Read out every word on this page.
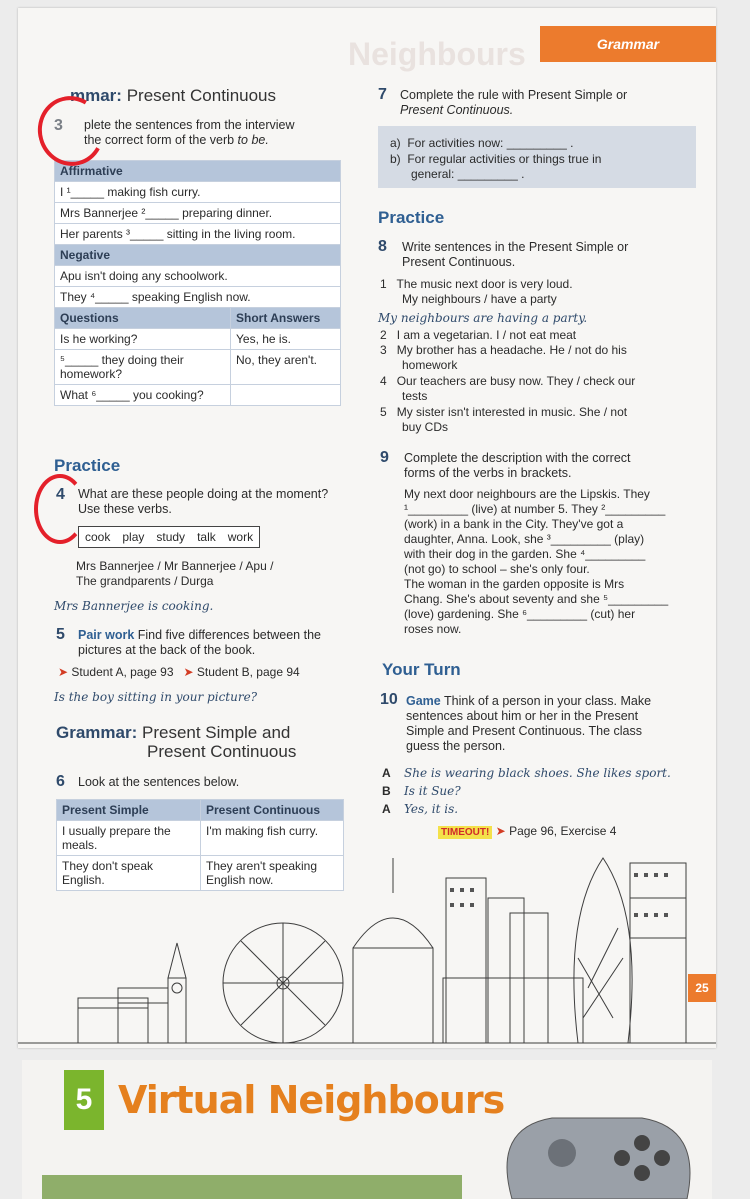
Neighbours	Grammar
mmar: Present Continuous
3 plete the sentences from the interview
the correct form of the verb to be.
Affirmative	
I ¹_____ making fish curry.	
Mrs Bannerjee ²_____ preparing dinner.	
Her parents ³_____ sitting in the living room.	
Negative	
Apu isn't doing any schoolwork.	
They ⁴_____ speaking English now.	
Questions	Short Answers
Is he working?	Yes, he is.
⁵_____ they doing their homework?	No, they aren't.
What ⁶_____ you cooking?	
Practice
4 What are these people doing at the moment?
Use these verbs.
cook play study talk work
Mrs Bannerjee / Mr Bannerjee / Apu /
The grandparents / Durga
Mrs Bannerjee is cooking.
5 Pair work Find five differences between the
pictures at the back of the book.
➤ Student A, page 93 ➤ Student B, page 94
Is the boy sitting in your picture?
Grammar: Present Simple and
Present Continuous
6 Look at the sentences below.
Present Simple	Present Continuous
I usually prepare the meals.	I'm making fish curry.
They don't speak English.	They aren't speaking English now.
7 Complete the rule with Present Simple or
Present Continuous.
a) For activities now: _________ .
b) For regular activities or things true in
general: _________ .
Practice
8 Write sentences in the Present Simple or
Present Continuous.
1 The music next door is very loud.
My neighbours / have a party
My neighbours are having a party.
2 I am a vegetarian. I / not eat meat
3 My brother has a headache. He / not do his
homework
4 Our teachers are busy now. They / check our
tests
5 My sister isn't interested in music. She / not
buy CDs
9 Complete the description with the correct
forms of the verbs in brackets.
My next door neighbours are the Lipskis. They
¹_________ (live) at number 5. They ²_________
(work) in a bank in the City. They've got a
daughter, Anna. Look, she ³_________ (play)
with their dog in the garden. She ⁴_________
(not go) to school – she's only four.
The woman in the garden opposite is Mrs
Chang. She's about seventy and she ⁵_________
(love) gardening. She ⁶_________ (cut) her
roses now.
Your Turn
10 Game Think of a person in your class. Make
sentences about him or her in the Present
Simple and Present Continuous. The class
guess the person.
A She is wearing black shoes. She likes sport.
B Is it Sue?
A Yes, it is.
TIMEOUT! ➤ Page 96, Exercise 4
25
5 Virtual Neighbours
